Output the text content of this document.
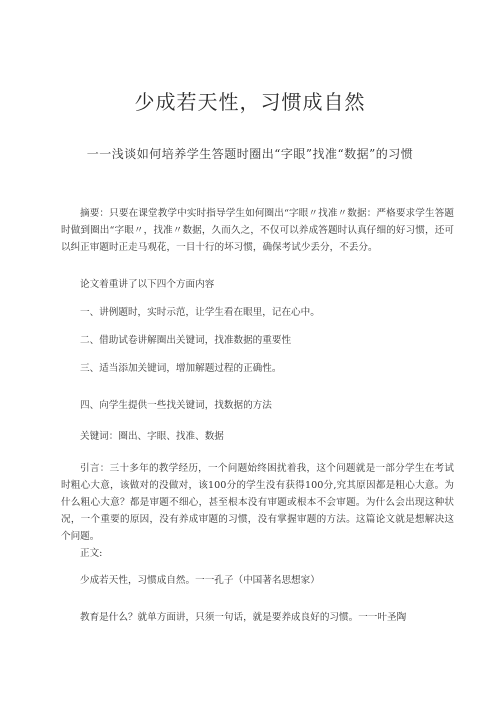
少成若天性，习惯成自然
一一浅谈如何培养学生答题时圈出“字眼”找准“数据”的习惯
摘要：只要在课堂教学中实时指导学生如何圈出“字眼〃找准〃数据：严格要求学生答题时做到圈出“字眼〃，找准〃数据，久而久之，不仅可以养成答题时认真仔细的好习惯，还可以纠正审题时正走马观花，一目十行的坏习惯，确保考试少丢分，不丢分。
论文着重讲了以下四个方面内容
一、讲例题时，实时示范，让学生看在眼里，记在心中。
二、借助试卷讲解圈出关键词，找准数据的重要性
三、适当添加关键词，增加解题过程的正确性。
四、向学生提供一些找关键词，找数据的方法
关键词：圈出、字眼、找准、数据
引言：三十多年的教学经历，一个问题始终困扰着我，这个问题就是一部分学生在考试时粗心大意，该做对的没做对，该100分的学生没有获得100分,究其原因都是粗心大意。为什么粗心大意？都是审题不细心，甚至根本没有审题或根本不会审题。为什么会出现这种状况，一个重要的原因，没有养成审题的习惯，没有掌握审题的方法。这篇论文就是想解决这个问题。
正文:
少成若天性，习惯成自然。一一孔子（中国著名思想家）
教育是什么？就单方面讲，只须一句话，就是要养成良好的习惯。一一叶圣陶
